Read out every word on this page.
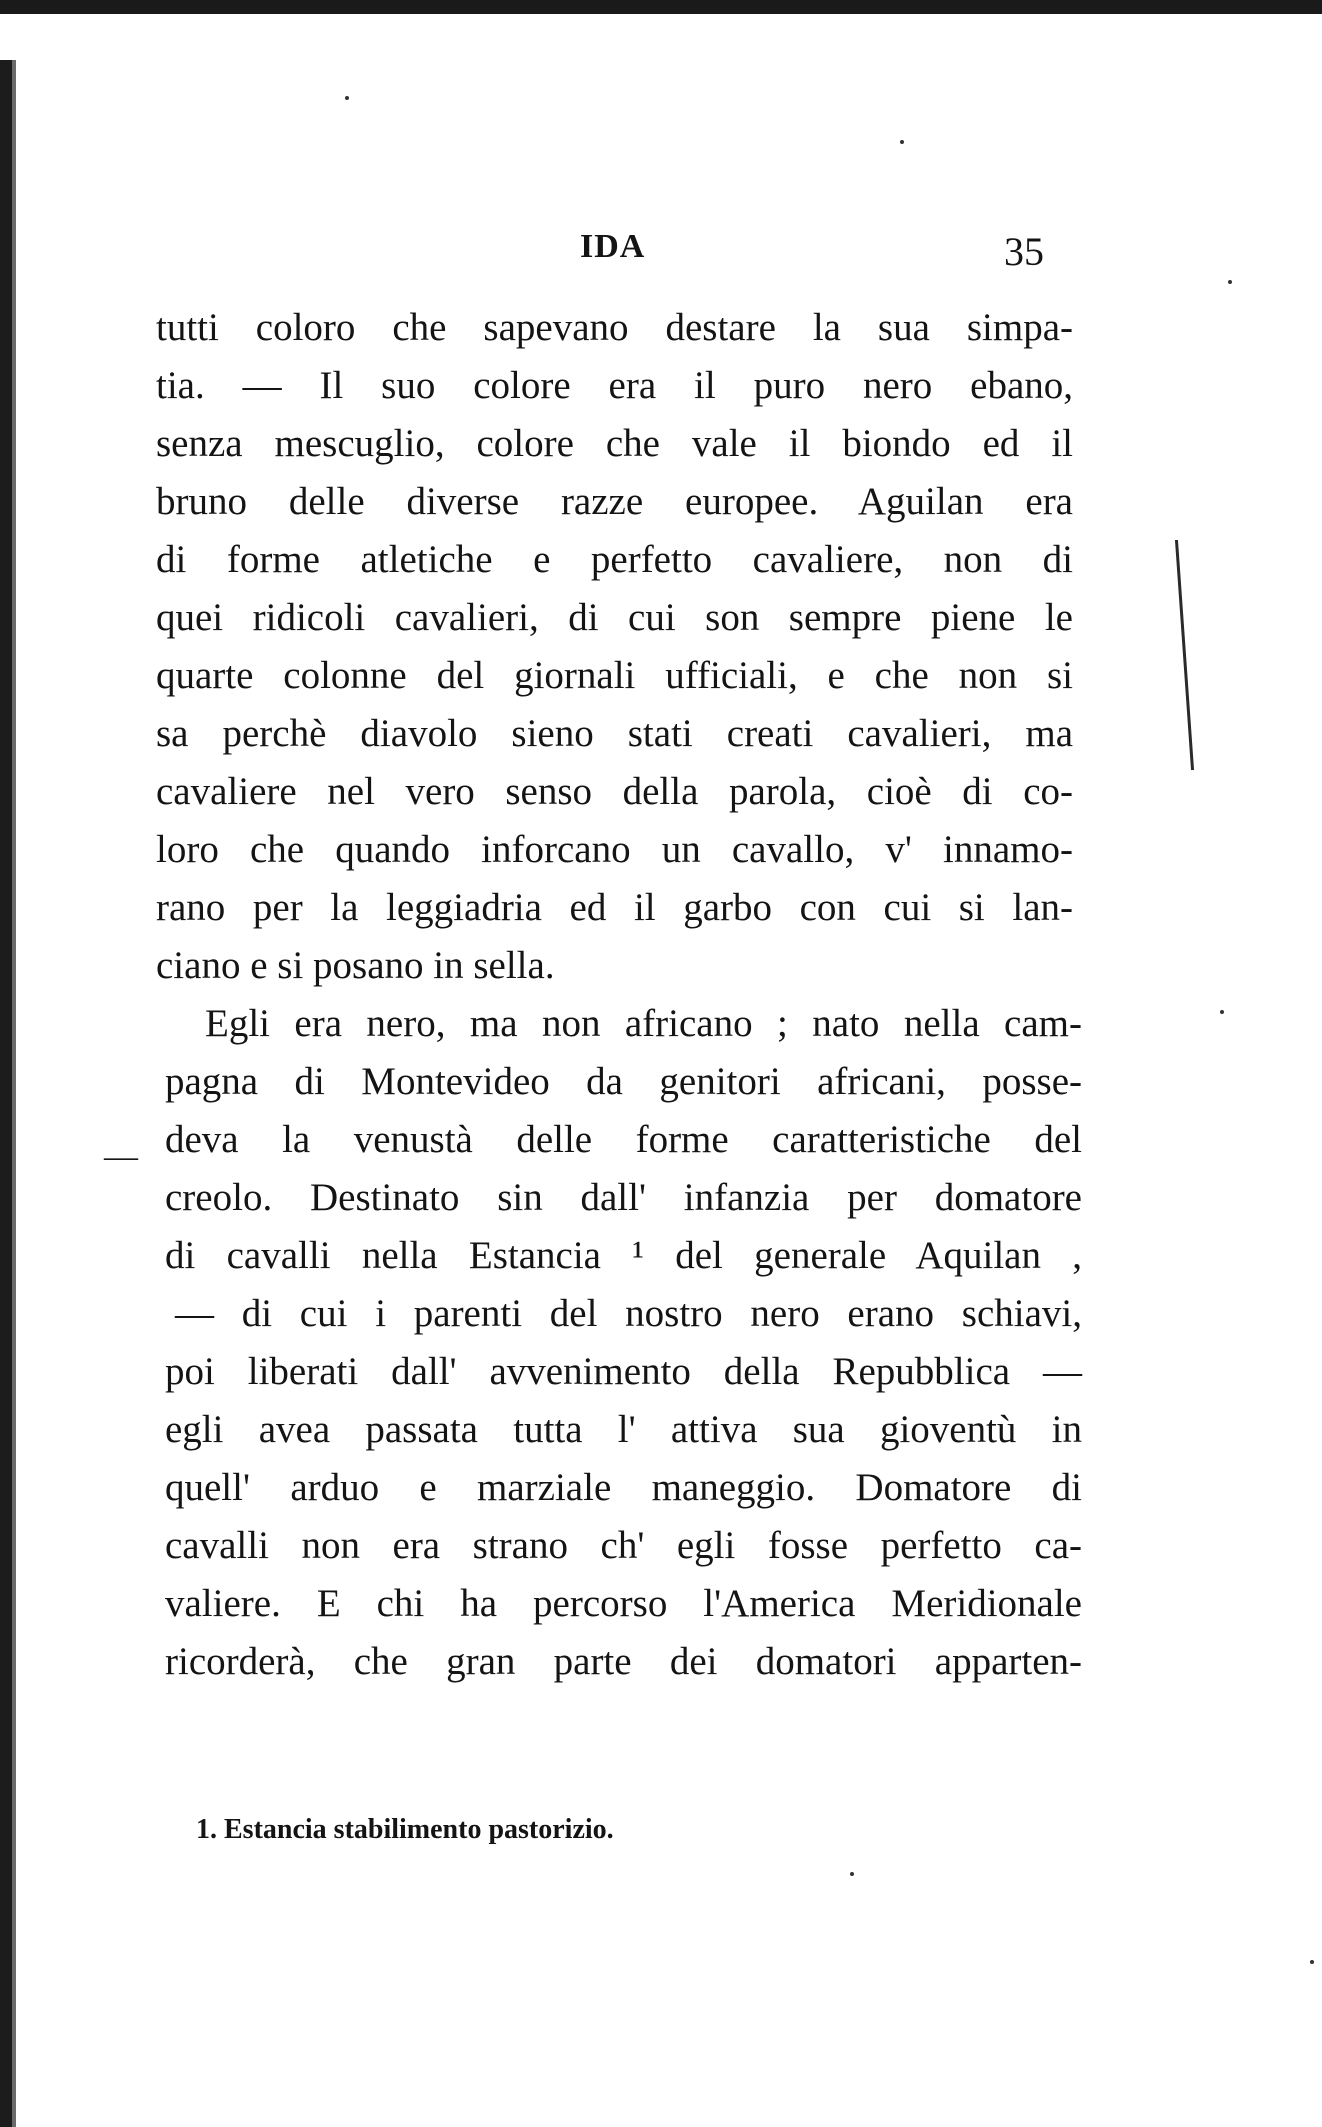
IDA	35
tutti coloro che sapevano destare la sua simpa-
tia. — Il suo colore era il puro nero ebano,
senza mescuglio, colore che vale il biondo ed il
bruno delle diverse razze europee. Aguilan era
di forme atletiche e perfetto cavaliere, non di
quei ridicoli cavalieri, di cui son sempre piene le
quarte colonne del giornali ufficiali, e che non si
sa perchè diavolo sieno stati creati cavalieri, ma
cavaliere nel vero senso della parola, cioè di co-
loro che quando inforcano un cavallo, v' innamo-
rano per la leggiadria ed il garbo con cui si lan-
ciano e si posano in sella.
Egli era nero, ma non africano ; nato nella cam-
pagna di Montevideo da genitori africani, posse-
deva la venustà delle forme caratteristiche del
creolo. Destinato sin dall' infanzia per domatore
di cavalli nella Estancia ¹ del generale Aquilan ,
— di cui i parenti del nostro nero erano schiavi,
poi liberati dall' avvenimento della Repubblica —
egli avea passata tutta l' attiva sua gioventù in
quell' arduo e marziale maneggio. Domatore di
cavalli non era strano ch' egli fosse perfetto ca-
valiere. E chi ha percorso l'America Meridionale
ricorderà, che gran parte dei domatori apparten-
—
1. Estancia stabilimento pastorizio.
